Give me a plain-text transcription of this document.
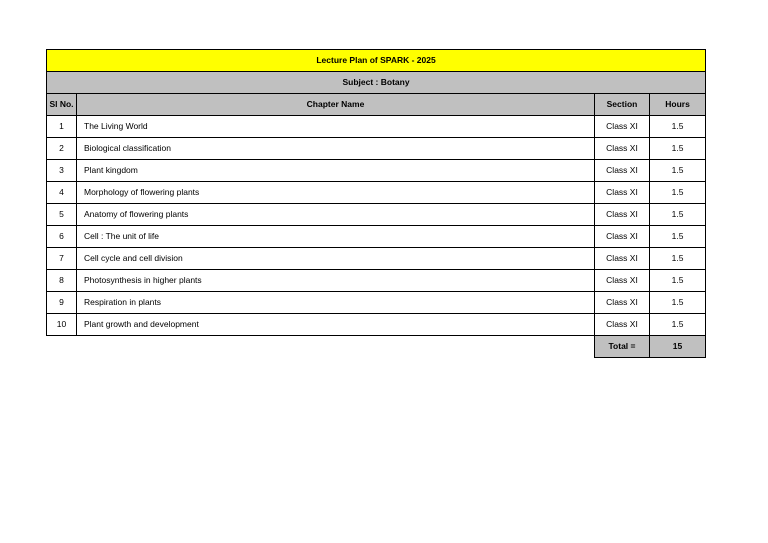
Lecture Plan of SPARK - 2025			
Subject : Botany			
Sl No.	Chapter Name	Section	Hours
1	The Living World	Class XI	1.5
2	Biological classification	Class XI	1.5
3	Plant kingdom	Class XI	1.5
4	Morphology of flowering plants	Class XI	1.5
5	Anatomy of flowering plants	Class XI	1.5
6	Cell : The unit of life	Class XI	1.5
7	Cell cycle and cell division	Class XI	1.5
8	Photosynthesis in higher plants	Class XI	1.5
9	Respiration in plants	Class XI	1.5
10	Plant growth and development	Class XI	1.5
		Total =	15
